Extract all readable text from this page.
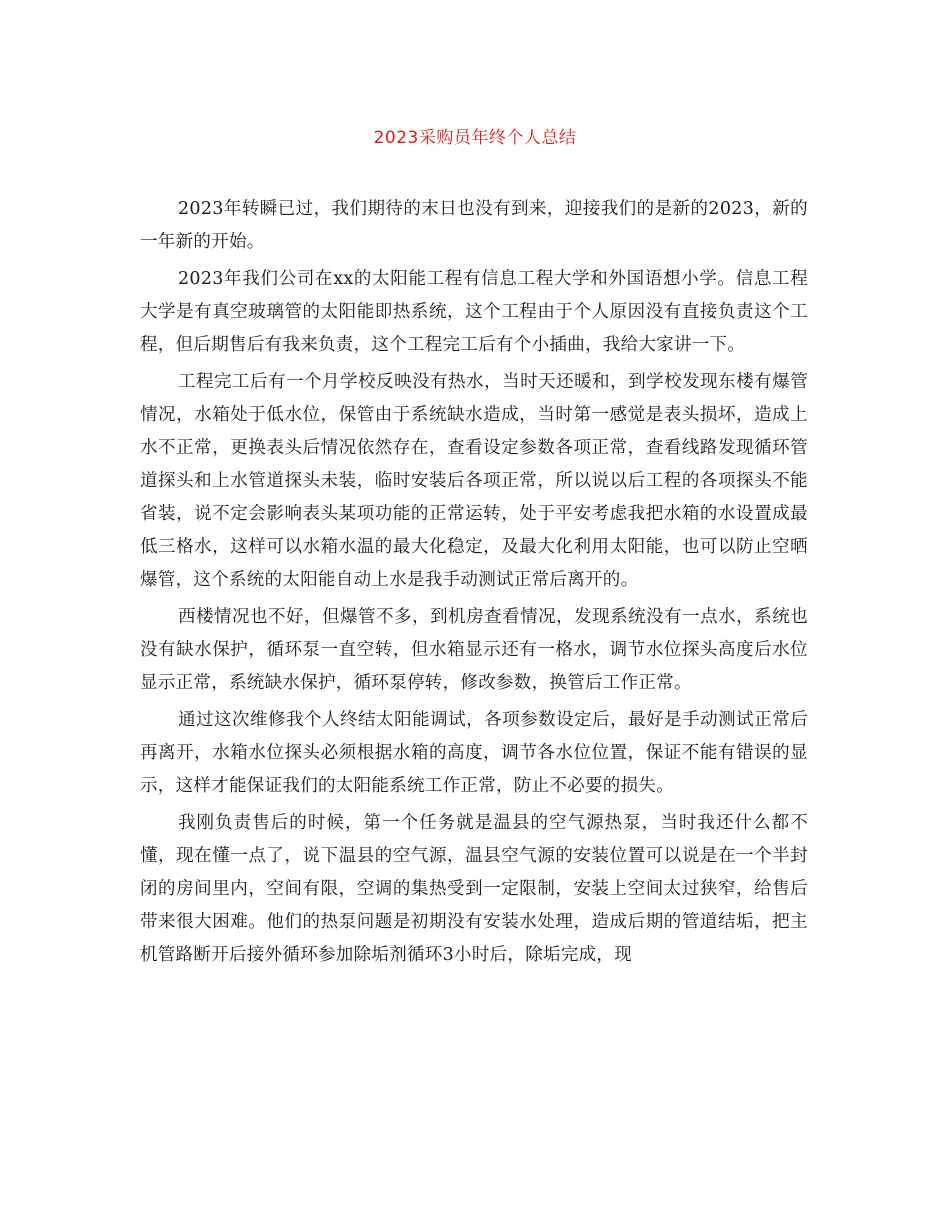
2023采购员年终个人总结

2023年转瞬已过，我们期待的末日也没有到来，迎接我们的是新的2023，新的一年新的开始。

2023年我们公司在xx的太阳能工程有信息工程大学和外国语想小学。信息工程大学是有真空玻璃管的太阳能即热系统，这个工程由于个人原因没有直接负责这个工程，但后期售后有我来负责，这个工程完工后有个小插曲，我给大家讲一下。

工程完工后有一个月学校反映没有热水，当时天还暖和，到学校发现东楼有爆管情况，水箱处于低水位，保管由于系统缺水造成，当时第一感觉是表头损坏，造成上水不正常，更换表头后情况依然存在，查看设定参数各项正常，查看线路发现循环管道探头和上水管道探头未装，临时安装后各项正常，所以说以后工程的各项探头不能省装，说不定会影响表头某项功能的正常运转，处于平安考虑我把水箱的水设置成最低三格水，这样可以水箱水温的最大化稳定，及最大化利用太阳能，也可以防止空晒爆管，这个系统的太阳能自动上水是我手动测试正常后离开的。

西楼情况也不好，但爆管不多，到机房查看情况，发现系统没有一点水，系统也没有缺水保护，循环泵一直空转，但水箱显示还有一格水，调节水位探头高度后水位显示正常，系统缺水保护，循环泵停转，修改参数，换管后工作正常。

通过这次维修我个人终结太阳能调试，各项参数设定后，最好是手动测试正常后再离开，水箱水位探头必须根据水箱的高度，调节各水位位置，保证不能有错误的显示，这样才能保证我们的太阳能系统工作正常，防止不必要的损失。

我刚负责售后的时候，第一个任务就是温县的空气源热泵，当时我还什么都不懂，现在懂一点了，说下温县的空气源，温县空气源的安装位置可以说是在一个半封闭的房间里内，空间有限，空调的集热受到一定限制，安装上空间太过狭窄，给售后带来很大困难。他们的热泵问题是初期没有安装水处理，造成后期的管道结垢，把主机管路断开后接外循环参加除垢剂循环3小时后，除垢完成，现
